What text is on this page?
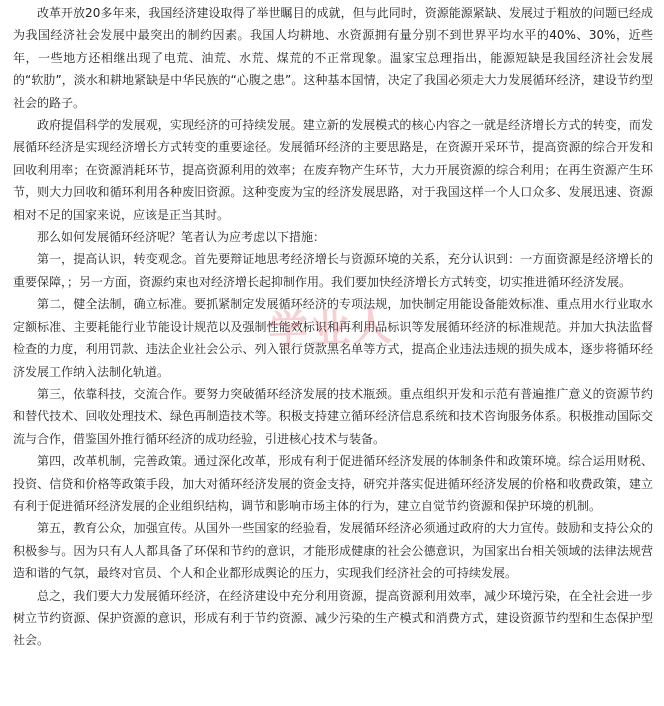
改革开放20多年来，我国经济建设取得了举世瞩目的成就，但与此同时，资源能源紧缺、发展过于粗放的问题已经成为我国经济社会发展中最突出的制约因素。我国人均耕地、水资源拥有量分别不到世界平均水平的40%、30%，近些年，一些地方还相继出现了电荒、油荒、水荒、煤荒的不正常现象。温家宝总理指出，能源短缺是我国经济社会发展的“软肋”，淡水和耕地紧缺是中华民族的“心腹之患”。这种基本国情，决定了我国必须走大力发展循环经济，建设节约型社会的路子。

政府提倡科学的发展观，实现经济的可持续发展。建立新的发展模式的核心内容之一就是经济增长方式的转变，而发展循环经济是实现经济增长方式转变的重要途径。发展循环经济的主要思路是，在资源开采环节，提高资源的综合开发和回收利用率；在资源消耗环节，提高资源利用的效率；在废弃物产生环节，大力开展资源的综合利用；在再生资源产生环节，则大力回收和循环利用各种废旧资源。这种变废为宝的经济发展思路，对于我国这样一个人口众多、发展迅速、资源相对不足的国家来说，应该是正当其时。

那么如何发展循环经济呢？笔者认为应考虑以下措施：

第一，提高认识，转变观念。首先要辩证地思考经济增长与资源环境的关系，充分认识到：一方面资源是经济增长的重要保障，；另一方面，资源约束也对经济增长起抑制作用。我们要加快经济增长方式转变，切实推进循环经济发展。

第二，健全法制，确立标准。要抓紧制定发展循环经济的专项法规，加快制定用能设备能效标准、重点用水行业取水定额标准、主要耗能行业节能设计规范以及强制性能效标识和再利用品标识等发展循环经济的标准规范。并加大执法监督检查的力度，利用罚款、违法企业社会公示、列入银行贷款黑名单等方式，提高企业违法违规的损失成本，逐步将循环经济发展工作纳入法制化轨道。

第三，依靠科技，交流合作。要努力突破循环经济发展的技术瓶颈。重点组织开发和示范有普遍推广意义的资源节约和替代技术、回收处理技术、绿色再制造技术等。积极支持建立循环经济信息系统和技术咨询服务体系。积极推动国际交流与合作，借鉴国外推行循环经济的成功经验，引进核心技术与装备。

第四，改革机制，完善政策。通过深化改革，形成有利于促进循环经济发展的体制条件和政策环境。综合运用财税、投资、信贷和价格等政策手段，加大对循环经济发展的资金支持，研究并落实促进循环经济发展的价格和收费政策，建立有利于促进循环经济发展的企业组织结构，调节和影响市场主体的行为，建立自觉节约资源和保护环境的机制。

第五，教育公众，加强宣传。从国外一些国家的经验看，发展循环经济必须通过政府的大力宣传。鼓励和支持公众的积极参与。因为只有人人都具备了环保和节约的意识，才能形成健康的社会公德意识，为国家出台相关领域的法律法规营造和谐的气氛，最终对官员、个人和企业都形成舆论的压力，实现我们经济社会的可持续发展。

总之，我们要大力发展循环经济，在经济建设中充分利用资源，提高资源利用效率，减少环境污染，在全社会进一步树立节约资源、保护资源的意识，形成有利于节约资源、减少污染的生产模式和消费方式，建设资源节约型和生态保护型社会。

学业人
